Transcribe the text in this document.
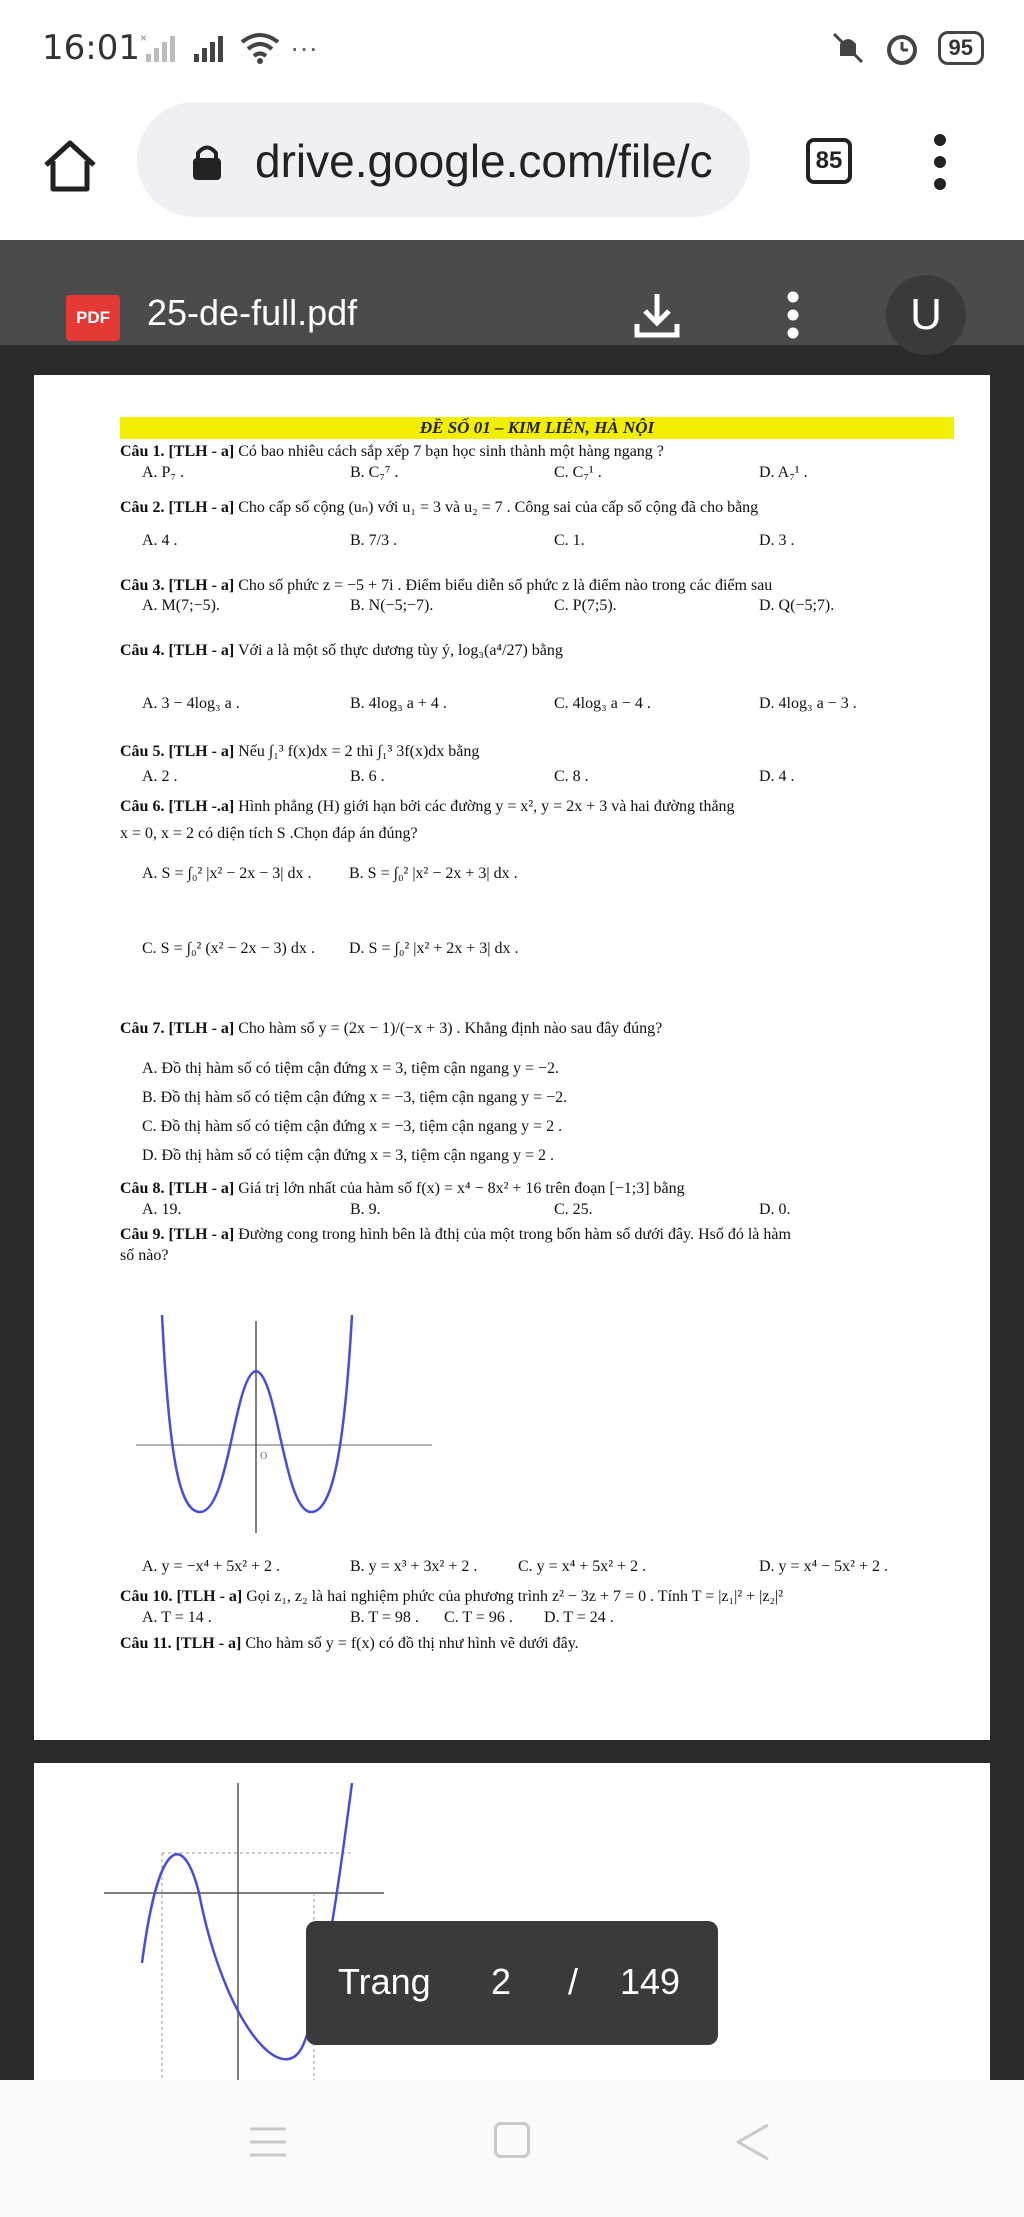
16:01 ×	···	95
drive.google.com/file/c	85
PDF 25-de-full.pdf	U
ĐỀ SỐ 01 – KIM LIÊN, HÀ NỘI
Câu 1. [TLH - a] Có bao nhiêu cách sắp xếp 7 bạn học sinh thành một hàng ngang ?
A. P₇ .	B. C₇⁷ .	C. C₇¹ .	D. A₇¹ .
Câu 2. [TLH - a] Cho cấp số cộng (uₙ) với u₁ = 3 và u₂ = 7 . Công sai của cấp số cộng đã cho bằng
A. 4 .	B. 7/3 .	C. 1.	D. 3 .
Câu 3. [TLH - a] Cho số phức z = −5 + 7i . Điểm biểu diễn số phức z là điểm nào trong các điểm sau
A. M(7;−5).	B. N(−5;−7).	C. P(7;5).	D. Q(−5;7).
Câu 4. [TLH - a] Với a là một số thực dương tùy ý, log₃(a⁴/27) bằng
A. 3 − 4log₃ a .	B. 4log₃ a + 4 .	C. 4log₃ a − 4 .	D. 4log₃ a − 3 .
Câu 5. [TLH - a] Nếu ∫₁³ f(x)dx = 2 thì ∫₁³ 3f(x)dx bằng
A. 2 .	B. 6 .	C. 8 .	D. 4 .
Câu 6. [TLH -.a] Hình phẳng (H) giới hạn bởi các đường y = x², y = 2x + 3 và hai đường thẳng
x = 0, x = 2 có diện tích S .Chọn đáp án đúng?
A. S = ∫₀² |x² − 2x − 3| dx . B. S = ∫₀² |x² − 2x + 3| dx .
C. S = ∫₀² (x² − 2x − 3) dx . D. S = ∫₀² |x² + 2x + 3| dx .
Câu 7. [TLH - a] Cho hàm số y = (2x − 1)/(−x + 3) . Khẳng định nào sau đây đúng?
A. Đồ thị hàm số có tiệm cận đứng x = 3, tiệm cận ngang y = −2.
B. Đồ thị hàm số có tiệm cận đứng x = −3, tiệm cận ngang y = −2.
C. Đồ thị hàm số có tiệm cận đứng x = −3, tiệm cận ngang y = 2 .
D. Đồ thị hàm số có tiệm cận đứng x = 3, tiệm cận ngang y = 2 .
Câu 8. [TLH - a] Giá trị lớn nhất của hàm số f(x) = x⁴ − 8x² + 16 trên đoạn [−1;3] bằng
A. 19.	B. 9.	C. 25.	D. 0.
Câu 9. [TLH - a] Đường cong trong hình bên là đthị của một trong bốn hàm số dưới đây. Hsố đó là hàm
số nào?
O
A. y = −x⁴ + 5x² + 2 .	B. y = x³ + 3x² + 2 .	C. y = x⁴ + 5x² + 2 .	D. y = x⁴ − 5x² + 2 .
Câu 10. [TLH - a] Gọi z₁, z₂ là hai nghiệm phức của phương trình z² − 3z + 7 = 0 . Tính T = |z₁|² + |z₂|²
A. T = 14 .	B. T = 98 . C. T = 96 . D. T = 24 .
Câu 11. [TLH - a] Cho hàm số y = f(x) có đồ thị như hình vẽ dưới đây.
Trang 2 / 149
